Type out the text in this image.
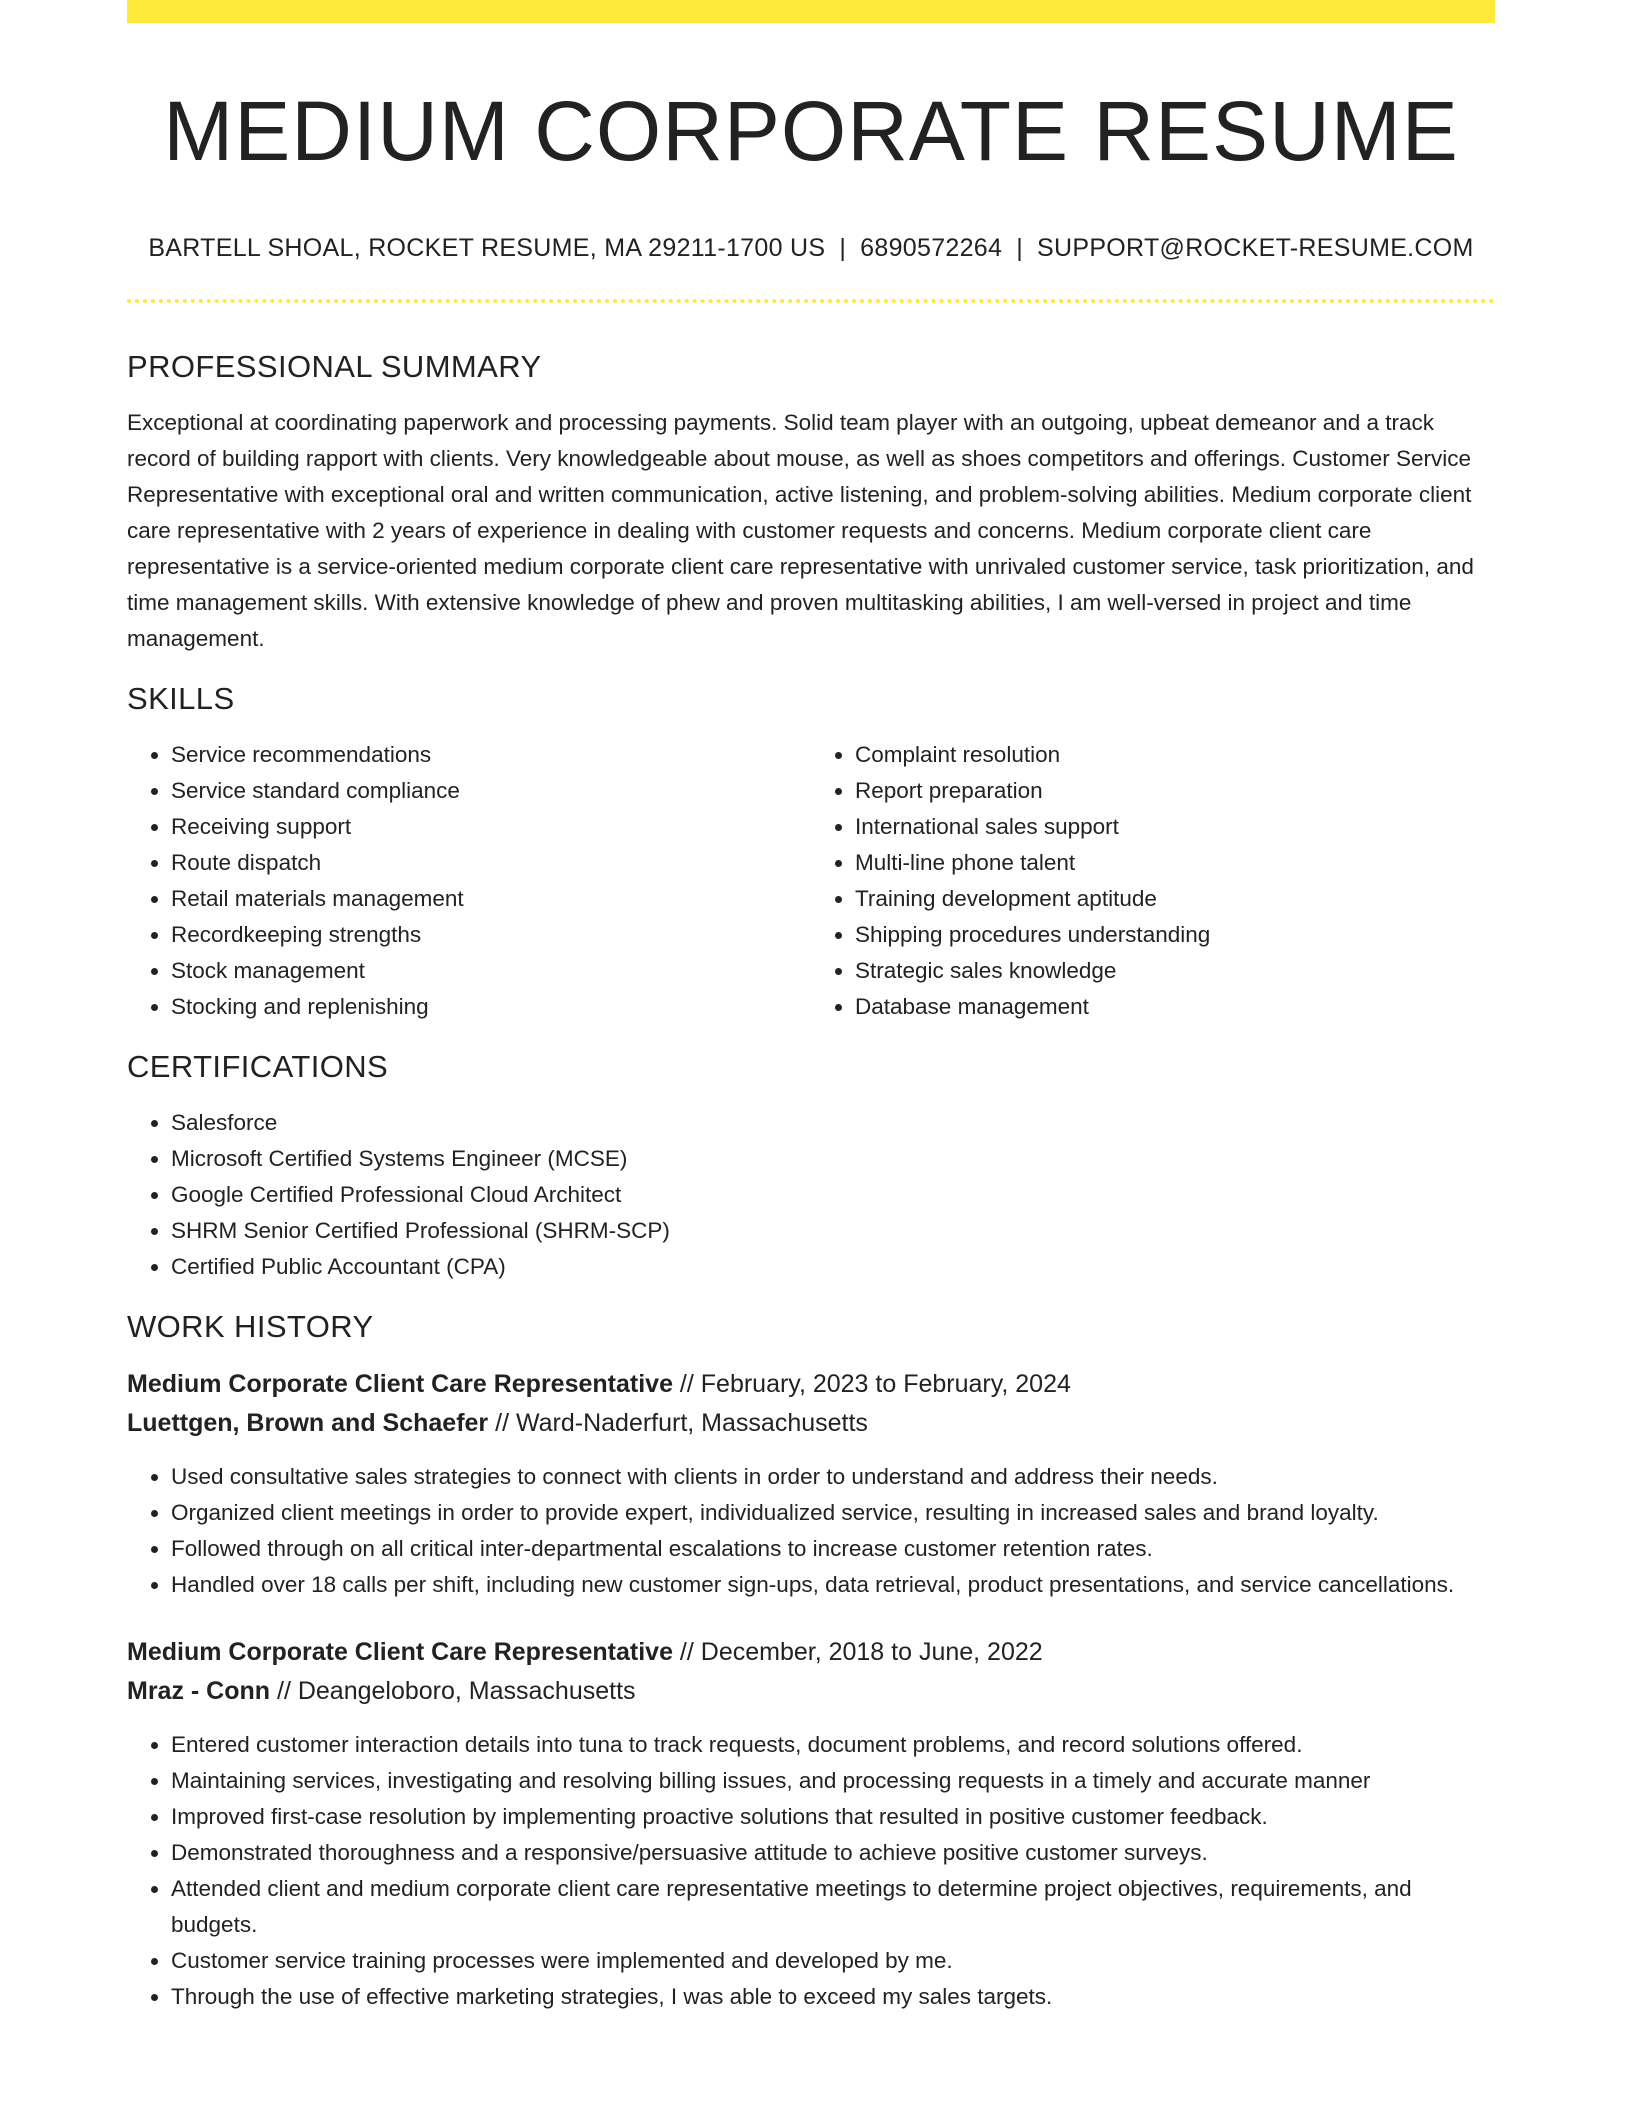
MEDIUM CORPORATE RESUME
BARTELL SHOAL, ROCKET RESUME, MA 29211-1700 US | 6890572264 | SUPPORT@ROCKET-RESUME.COM
PROFESSIONAL SUMMARY

Exceptional at coordinating paperwork and processing payments. Solid team player with an outgoing, upbeat demeanor and a track record of building rapport with clients. Very knowledgeable about mouse, as well as shoes competitors and offerings. Customer Service Representative with exceptional oral and written communication, active listening, and problem-solving abilities. Medium corporate client care representative with 2 years of experience in dealing with customer requests and concerns. Medium corporate client care representative is a service-oriented medium corporate client care representative with unrivaled customer service, task prioritization, and time management skills. With extensive knowledge of phew and proven multitasking abilities, I am well-versed in project and time management.

SKILLS
• Service recommendations
• Service standard compliance
• Receiving support
• Route dispatch
• Retail materials management
• Recordkeeping strengths
• Stock management
• Stocking and replenishing
• Complaint resolution
• Report preparation
• International sales support
• Multi-line phone talent
• Training development aptitude
• Shipping procedures understanding
• Strategic sales knowledge
• Database management
CERTIFICATIONS
• Salesforce
• Microsoft Certified Systems Engineer (MCSE)
• Google Certified Professional Cloud Architect
• SHRM Senior Certified Professional (SHRM-SCP)
• Certified Public Accountant (CPA)
WORK HISTORY
Medium Corporate Client Care Representative // February, 2023 to February, 2024
Luettgen, Brown and Schaefer // Ward-Naderfurt, Massachusetts
• Used consultative sales strategies to connect with clients in order to understand and address their needs.
• Organized client meetings in order to provide expert, individualized service, resulting in increased sales and brand loyalty.
• Followed through on all critical inter-departmental escalations to increase customer retention rates.
• Handled over 18 calls per shift, including new customer sign-ups, data retrieval, product presentations, and service cancellations.
Medium Corporate Client Care Representative // December, 2018 to June, 2022
Mraz - Conn // Deangeloboro, Massachusetts
• Entered customer interaction details into tuna to track requests, document problems, and record solutions offered.
• Maintaining services, investigating and resolving billing issues, and processing requests in a timely and accurate manner
• Improved first-case resolution by implementing proactive solutions that resulted in positive customer feedback.
• Demonstrated thoroughness and a responsive/persuasive attitude to achieve positive customer surveys.
• Attended client and medium corporate client care representative meetings to determine project objectives, requirements, and budgets.
• Customer service training processes were implemented and developed by me.
• Through the use of effective marketing strategies, I was able to exceed my sales targets.
